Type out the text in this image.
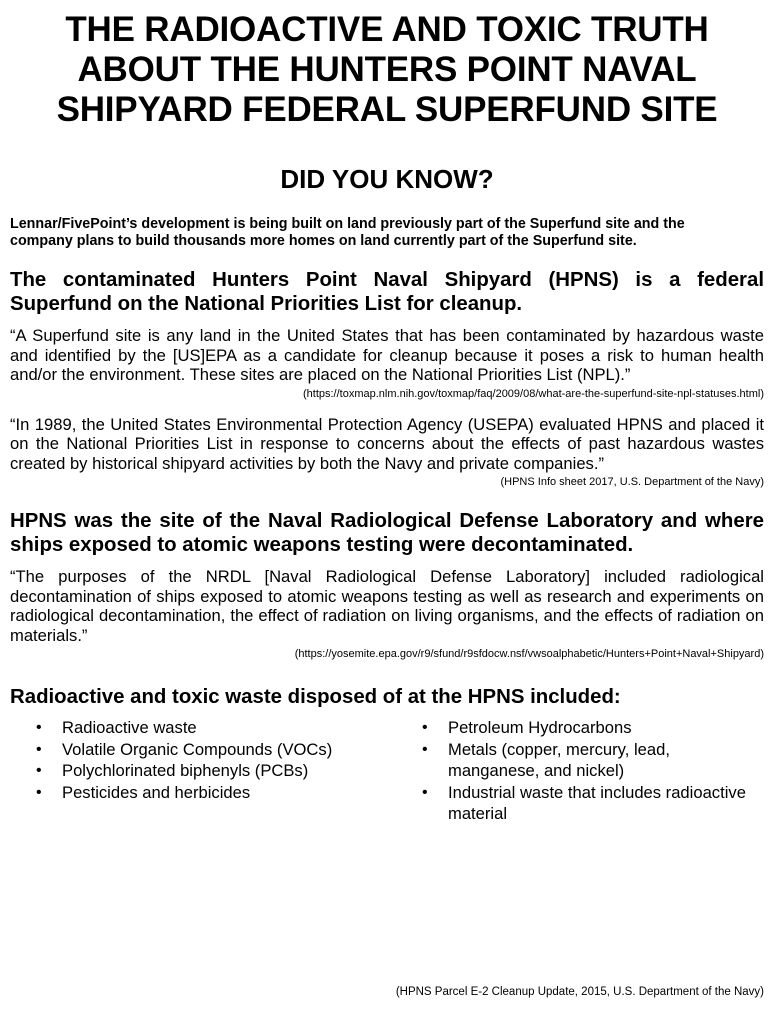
THE RADIOACTIVE AND TOXIC TRUTH ABOUT THE HUNTERS POINT NAVAL SHIPYARD FEDERAL SUPERFUND SITE
DID YOU KNOW?

Lennar/FivePoint’s development is being built on land previously part of the Superfund site and the company plans to build thousands more homes on land currently part of the Superfund site.

The contaminated Hunters Point Naval Shipyard (HPNS) is a federal Superfund on the National Priorities List for cleanup.

“A Superfund site is any land in the United States that has been contaminated by hazardous waste and identified by the [US]EPA as a candidate for cleanup because it poses a risk to human health and/or the environment. These sites are placed on the National Priorities List (NPL).”

(https://toxmap.nlm.nih.gov/toxmap/faq/2009/08/what-are-the-superfund-site-npl-statuses.html)

“In 1989, the United States Environmental Protection Agency (USEPA) evaluated HPNS and placed it on the National Priorities List in response to concerns about the effects of past hazardous wastes created by historical shipyard activities by both the Navy and private companies.”

(HPNS Info sheet 2017, U.S. Department of the Navy)

HPNS was the site of the Naval Radiological Defense Laboratory and where ships exposed to atomic weapons testing were decontaminated.

“The purposes of the NRDL [Naval Radiological Defense Laboratory] included radiological decontamination of ships exposed to atomic weapons testing as well as research and experiments on radiological decontamination, the effect of radiation on living organisms, and the effects of radiation on materials.”

(https://yosemite.epa.gov/r9/sfund/r9sfdocw.nsf/vwsoalphabetic/Hunters+Point+Naval+Shipyard)

Radioactive and toxic waste disposed of at the HPNS included:
• Radioactive waste
• Volatile Organic Compounds (VOCs)
• Polychlorinated biphenyls (PCBs)
• Pesticides and herbicides
• Petroleum Hydrocarbons
• Metals (copper, mercury, lead, manganese, and nickel)
• Industrial waste that includes radioactive material

(HPNS Parcel E-2 Cleanup Update, 2015, U.S. Department of the Navy)
